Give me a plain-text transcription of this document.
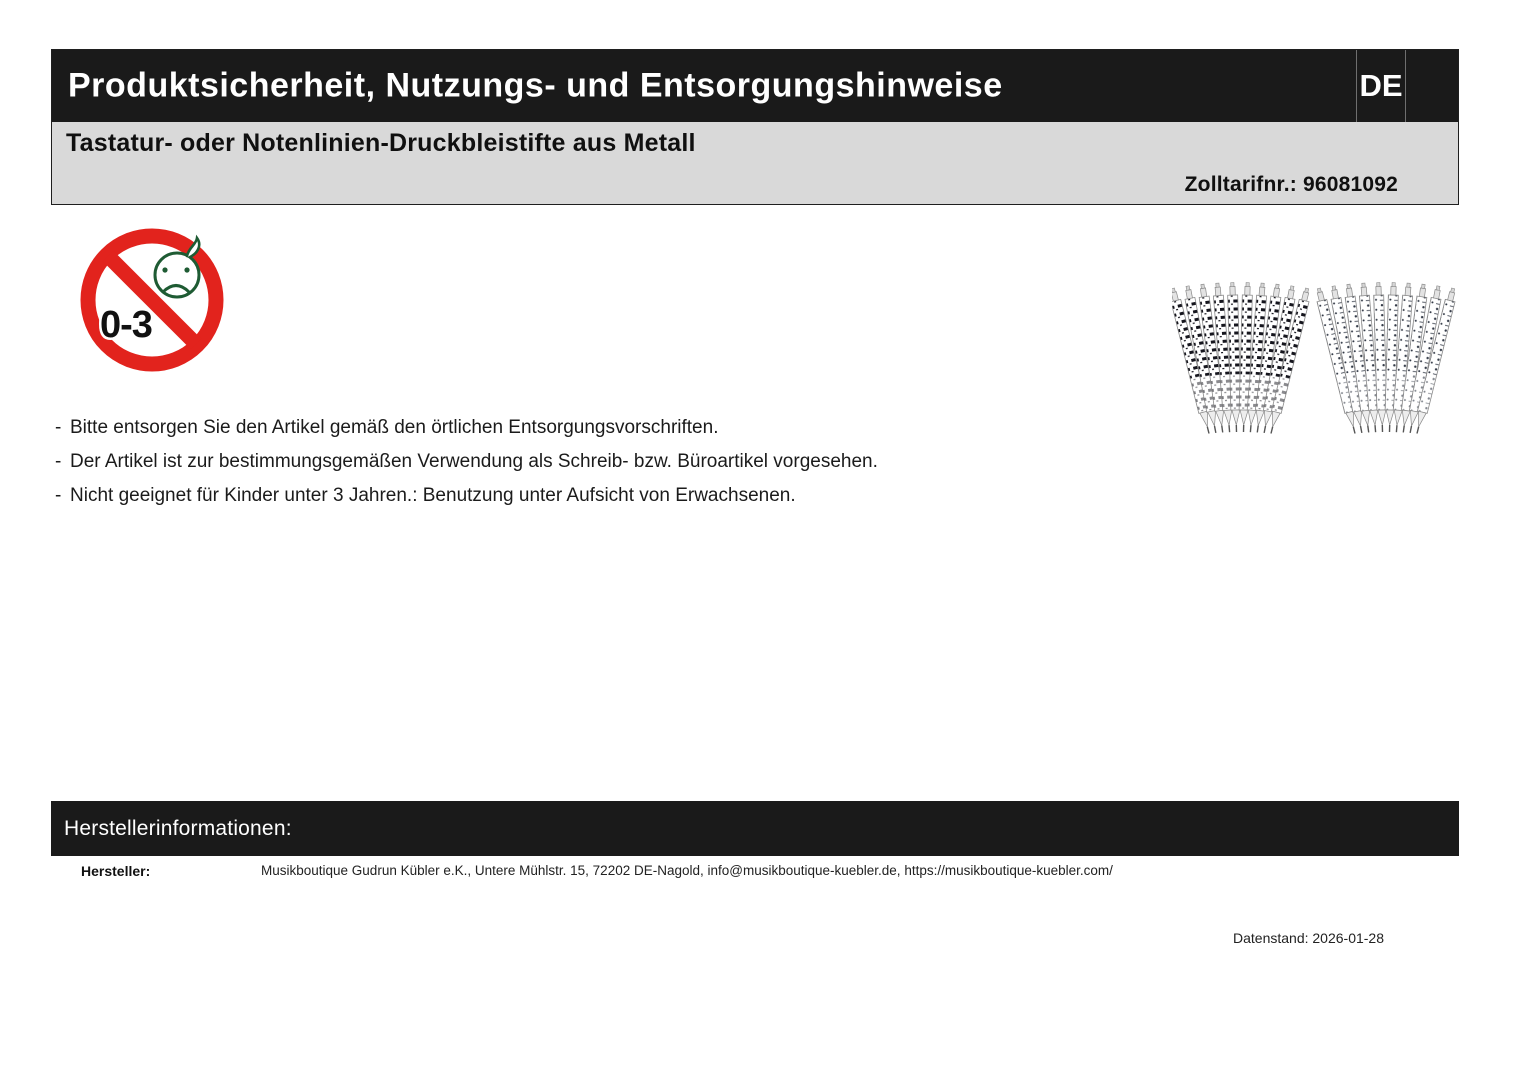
Produktsicherheit, Nutzungs- und Entsorgungshinweise	DE
Tastatur- oder Notenlinien-Druckbleistifte aus Metall
Zolltarifnr.: 96081092
0-3
- Bitte entsorgen Sie den Artikel gemäß den örtlichen Entsorgungsvorschriften.
- Der Artikel ist zur bestimmungsgemäßen Verwendung als Schreib- bzw. Büroartikel vorgesehen.
- Nicht geeignet für Kinder unter 3 Jahren.: Benutzung unter Aufsicht von Erwachsenen.
Herstellerinformationen:
Hersteller:	Musikboutique Gudrun Kübler e.K., Untere Mühlstr. 15, 72202 DE-Nagold, info@musikboutique-kuebler.de, https://musikboutique-kuebler.com/
Datenstand: 2026-01-28
